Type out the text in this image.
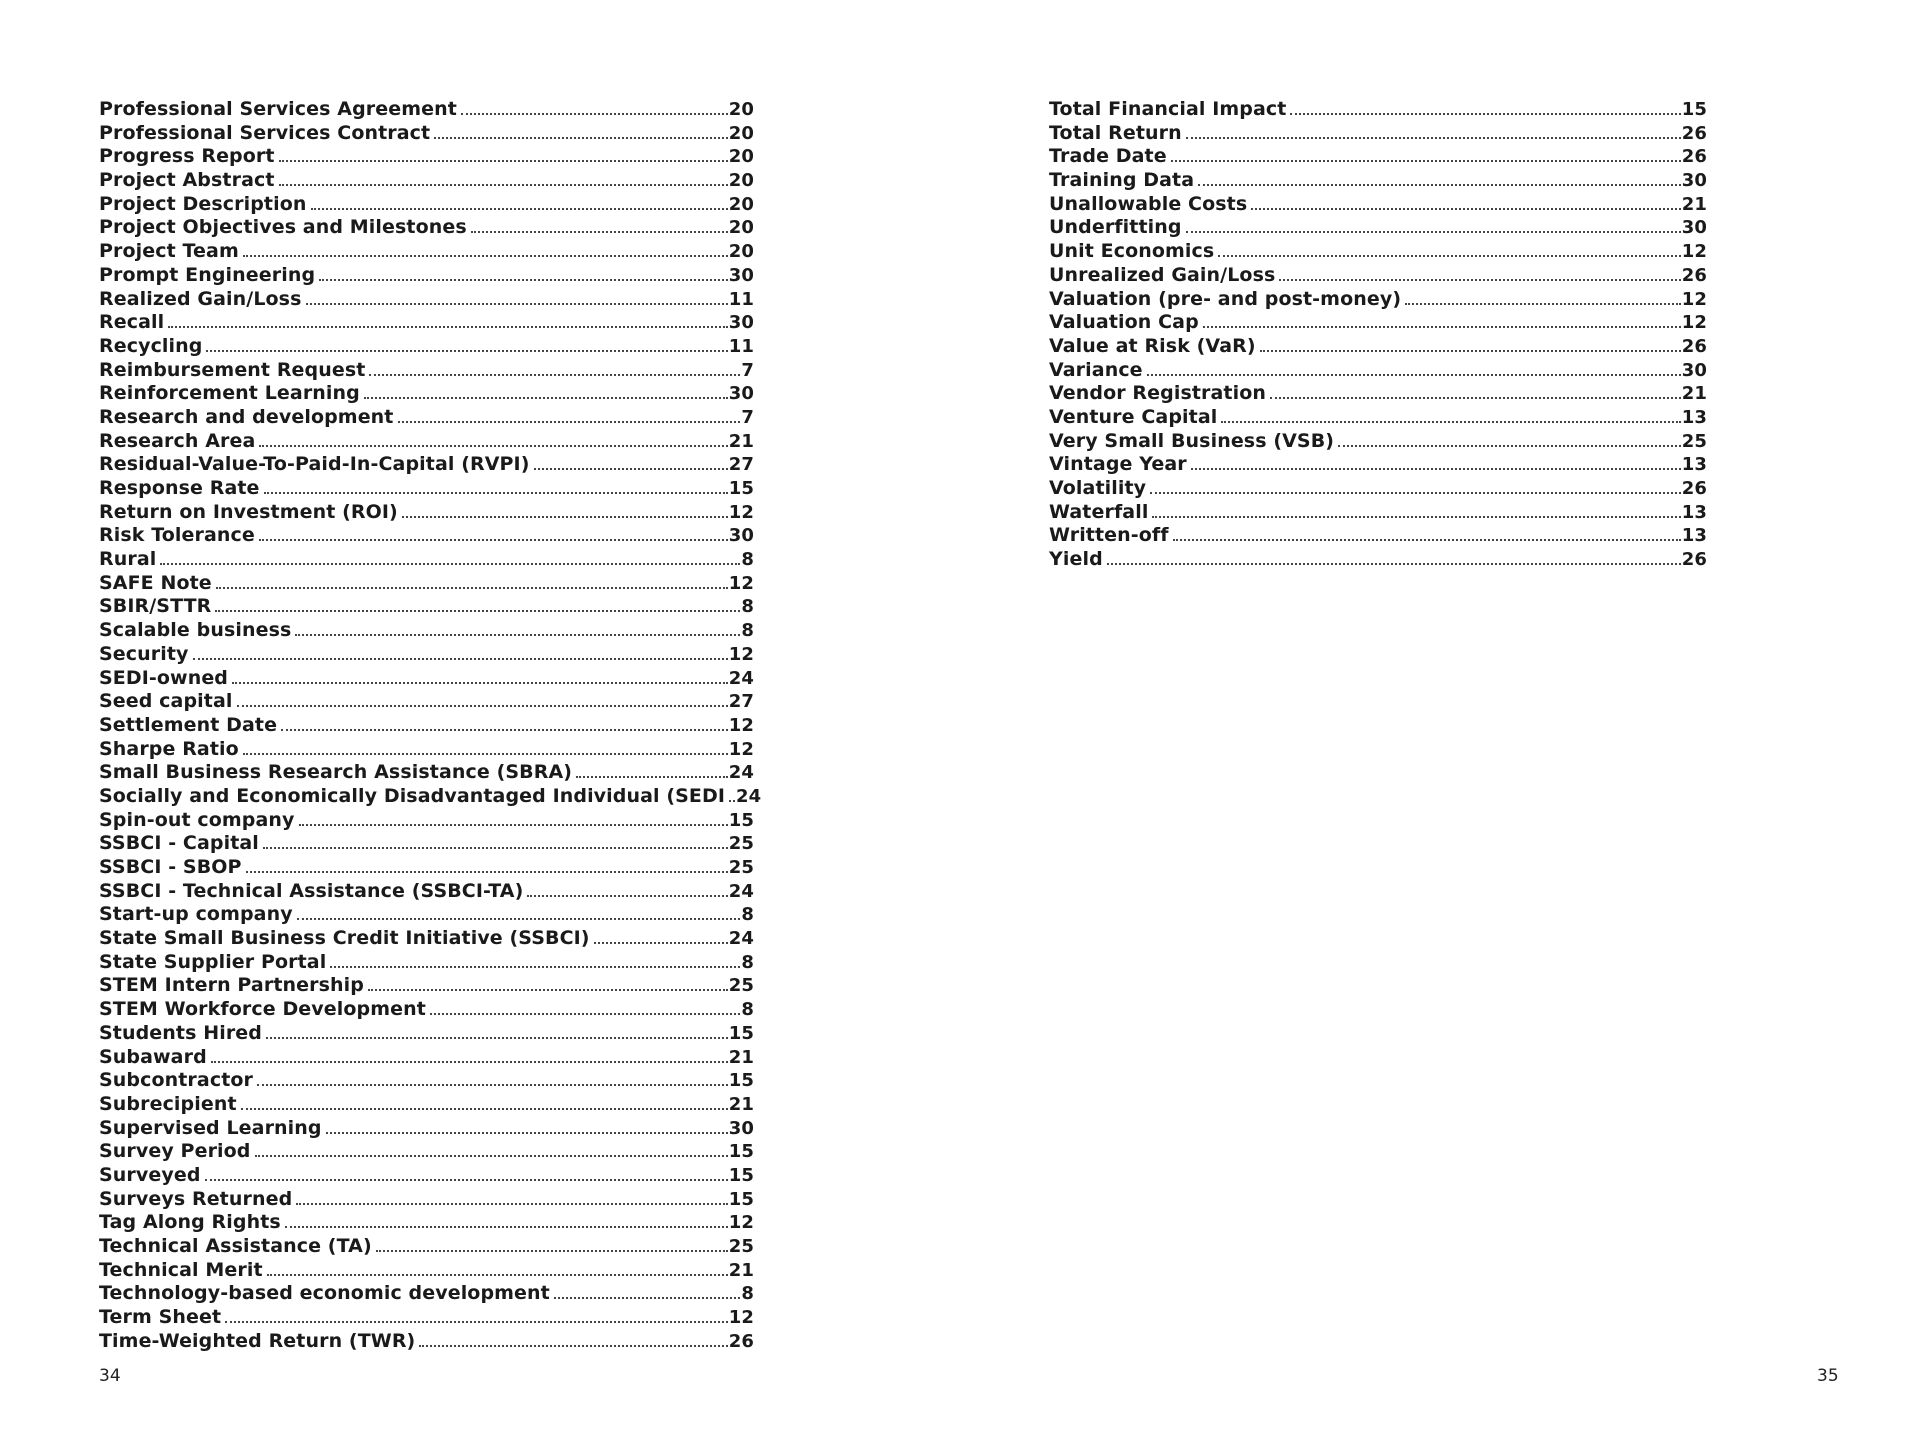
Professional Services Agreement	20
Professional Services Contract	20
Progress Report	20
Project Abstract	20
Project Description	20
Project Objectives and Milestones	20
Project Team	20
Prompt Engineering	30
Realized Gain/Loss	11
Recall	30
Recycling	11
Reimbursement Request	7
Reinforcement Learning	30
Research and development	7
Research Area	21
Residual-Value-To-Paid-In-Capital (RVPI)	27
Response Rate	15
Return on Investment (ROI)	12
Risk Tolerance	30
Rural	8
SAFE Note	12
SBIR/STTR	8
Scalable business	8
Security	12
SEDI-owned	24
Seed capital	27
Settlement Date	12
Sharpe Ratio	12
Small Business Research Assistance (SBRA)	24
Socially and Economically Disadvantaged Individual (SEDI 24
Spin-out company	15
SSBCI - Capital	25
SSBCI - SBOP	25
SSBCI - Technical Assistance (SSBCI-TA)	24
Start-up company	8
State Small Business Credit Initiative (SSBCI)	24
State Supplier Portal	8
STEM Intern Partnership	25
STEM Workforce Development	8
Students Hired	15
Subaward	21
Subcontractor	15
Subrecipient	21
Supervised Learning	30
Survey Period	15
Surveyed	15
Surveys Returned	15
Tag Along Rights	12
Technical Assistance (TA)	25
Technical Merit	21
Technology-based economic development	8
Term Sheet	12
Time-Weighted Return (TWR)	26
34
Total Financial Impact	15
Total Return	26
Trade Date	26
Training Data	30
Unallowable Costs	21
Underfitting	30
Unit Economics	12
Unrealized Gain/Loss	26
Valuation (pre- and post-money)	12
Valuation Cap	12
Value at Risk (VaR)	26
Variance	30
Vendor Registration	21
Venture Capital	13
Very Small Business (VSB)	25
Vintage Year	13
Volatility	26
Waterfall	13
Written-off	13
Yield	26
35
